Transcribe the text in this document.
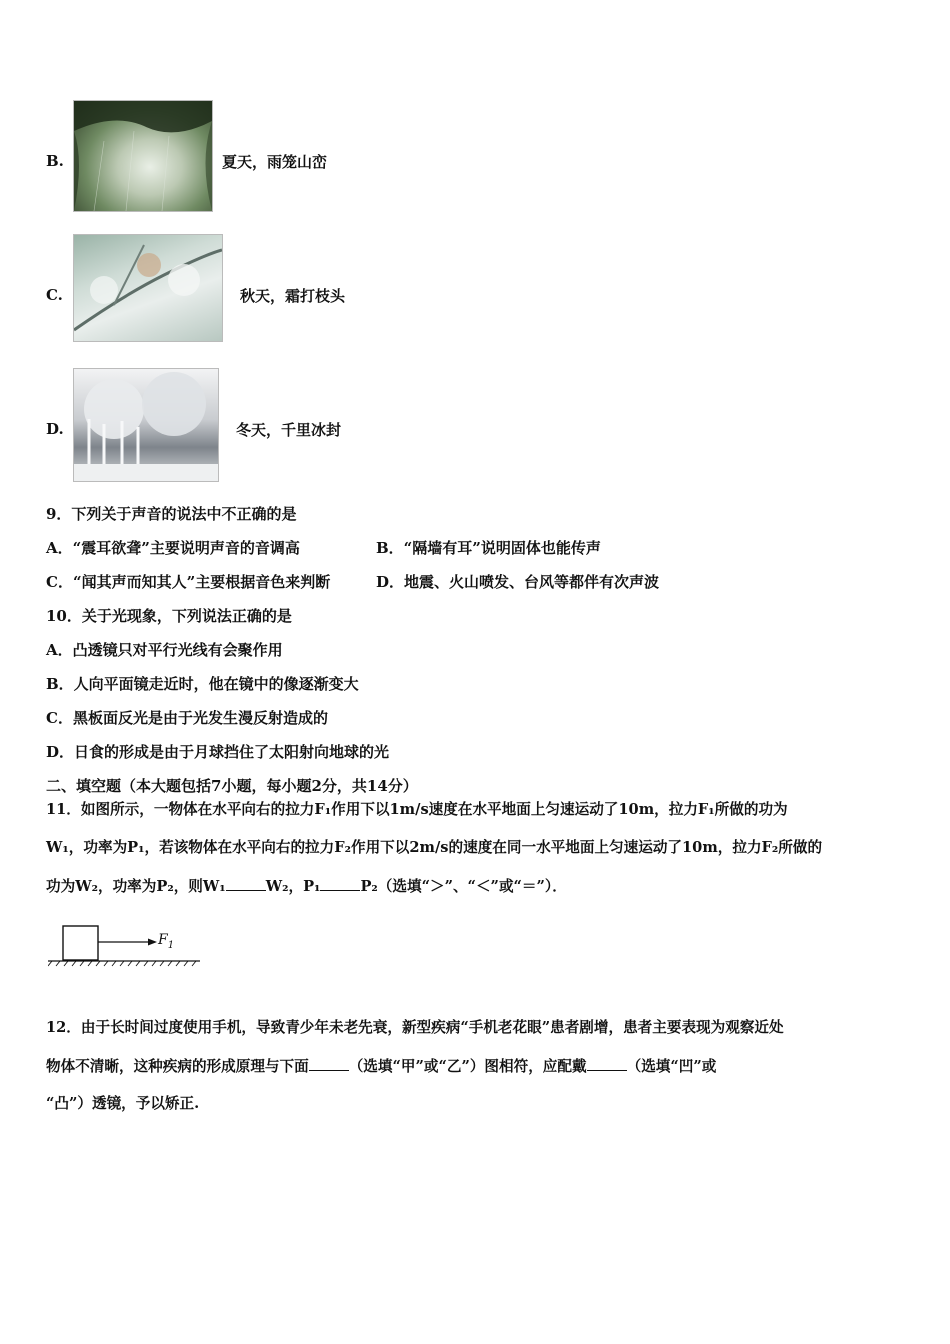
B.	夏天，雨笼山峦
C.	秋天，霜打枝头
D.	冬天，千里冰封
9．下列关于声音的说法中不正确的是
A．“震耳欲聋”主要说明声音的音调高	B．“隔墙有耳”说明固体也能传声
C．“闻其声而知其人”主要根据音色来判断	D．地震、火山喷发、台风等都伴有次声波
10．关于光现象，下列说法正确的是
A．凸透镜只对平行光线有会聚作用
B．人向平面镜走近时，他在镜中的像逐渐变大
C．黑板面反光是由于光发生漫反射造成的
D．日食的形成是由于月球挡住了太阳射向地球的光
二、填空题（本大题包括7小题，每小题2分，共14分）
11．如图所示，一物体在水平向右的拉力F₁作用下以1m/s速度在水平地面上匀速运动了10m，拉力F₁所做的功为
W₁，功率为P₁，若该物体在水平向右的拉力F₂作用下以2m/s的速度在同一水平地面上匀速运动了10m，拉力F₂所做的
功为W₂，功率为P₂，则W₁	W₂，P₁	P₂（选填“＞”、“＜”或“＝”）．
$F_1$
12．由于长时间过度使用手机，导致青少年未老先衰，新型疾病“手机老花眼”患者剧增，患者主要表现为观察近处
物体不清晰，这种疾病的形成原理与下面	（选填“甲”或“乙”）图相符，应配戴	（选填“凹”或
“凸”）透镜，予以矫正.
